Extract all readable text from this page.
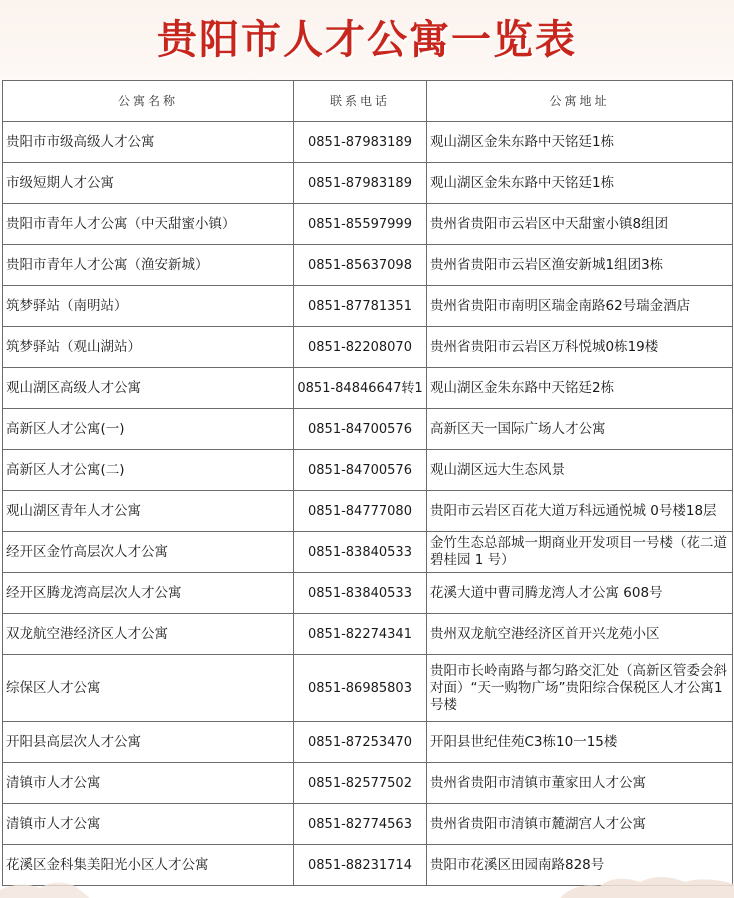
贵阳市人才公寓一览表
公寓名称	联系电话	公寓地址
贵阳市市级高级人才公寓	0851-87983189	观山湖区金朱东路中天铭廷1栋
市级短期人才公寓	0851-87983189	观山湖区金朱东路中天铭廷1栋
贵阳市青年人才公寓（中天甜蜜小镇）	0851-85597999	贵州省贵阳市云岩区中天甜蜜小镇8组团
贵阳市青年人才公寓（渔安新城）	0851-85637098	贵州省贵阳市云岩区渔安新城1组团3栋
筑梦驿站（南明站）	0851-87781351	贵州省贵阳市南明区瑞金南路62号瑞金酒店
筑梦驿站（观山湖站）	0851-82208070	贵州省贵阳市云岩区万科悦城0栋19楼
观山湖区高级人才公寓	0851-84846647转1	观山湖区金朱东路中天铭廷2栋
高新区人才公寓(一)	0851-84700576	高新区天一国际广场人才公寓
高新区人才公寓(二)	0851-84700576	观山湖区远大生态风景
观山湖区青年人才公寓	0851-84777080	贵阳市云岩区百花大道万科远通悦城 0号楼18层
经开区金竹高层次人才公寓	0851-83840533	金竹生态总部城一期商业开发项目一号楼（花二道 碧桂园 1 号）
经开区腾龙湾高层次人才公寓	0851-83840533	花溪大道中曹司腾龙湾人才公寓 608号
双龙航空港经济区人才公寓	0851-82274341	贵州双龙航空港经济区首开兴龙苑小区
综保区人才公寓	0851-86985803	贵阳市长岭南路与都匀路交汇处（高新区管委会斜对面）“天一购物广场”贵阳综合保税区人才公寓1号楼
开阳县高层次人才公寓	0851-87253470	开阳县世纪佳苑C3栋10一15楼
清镇市人才公寓	0851-82577502	贵州省贵阳市清镇市董家田人才公寓
清镇市人才公寓	0851-82774563	贵州省贵阳市清镇市麓湖宫人才公寓
花溪区金科集美阳光小区人才公寓	0851-88231714	贵阳市花溪区田园南路828号
